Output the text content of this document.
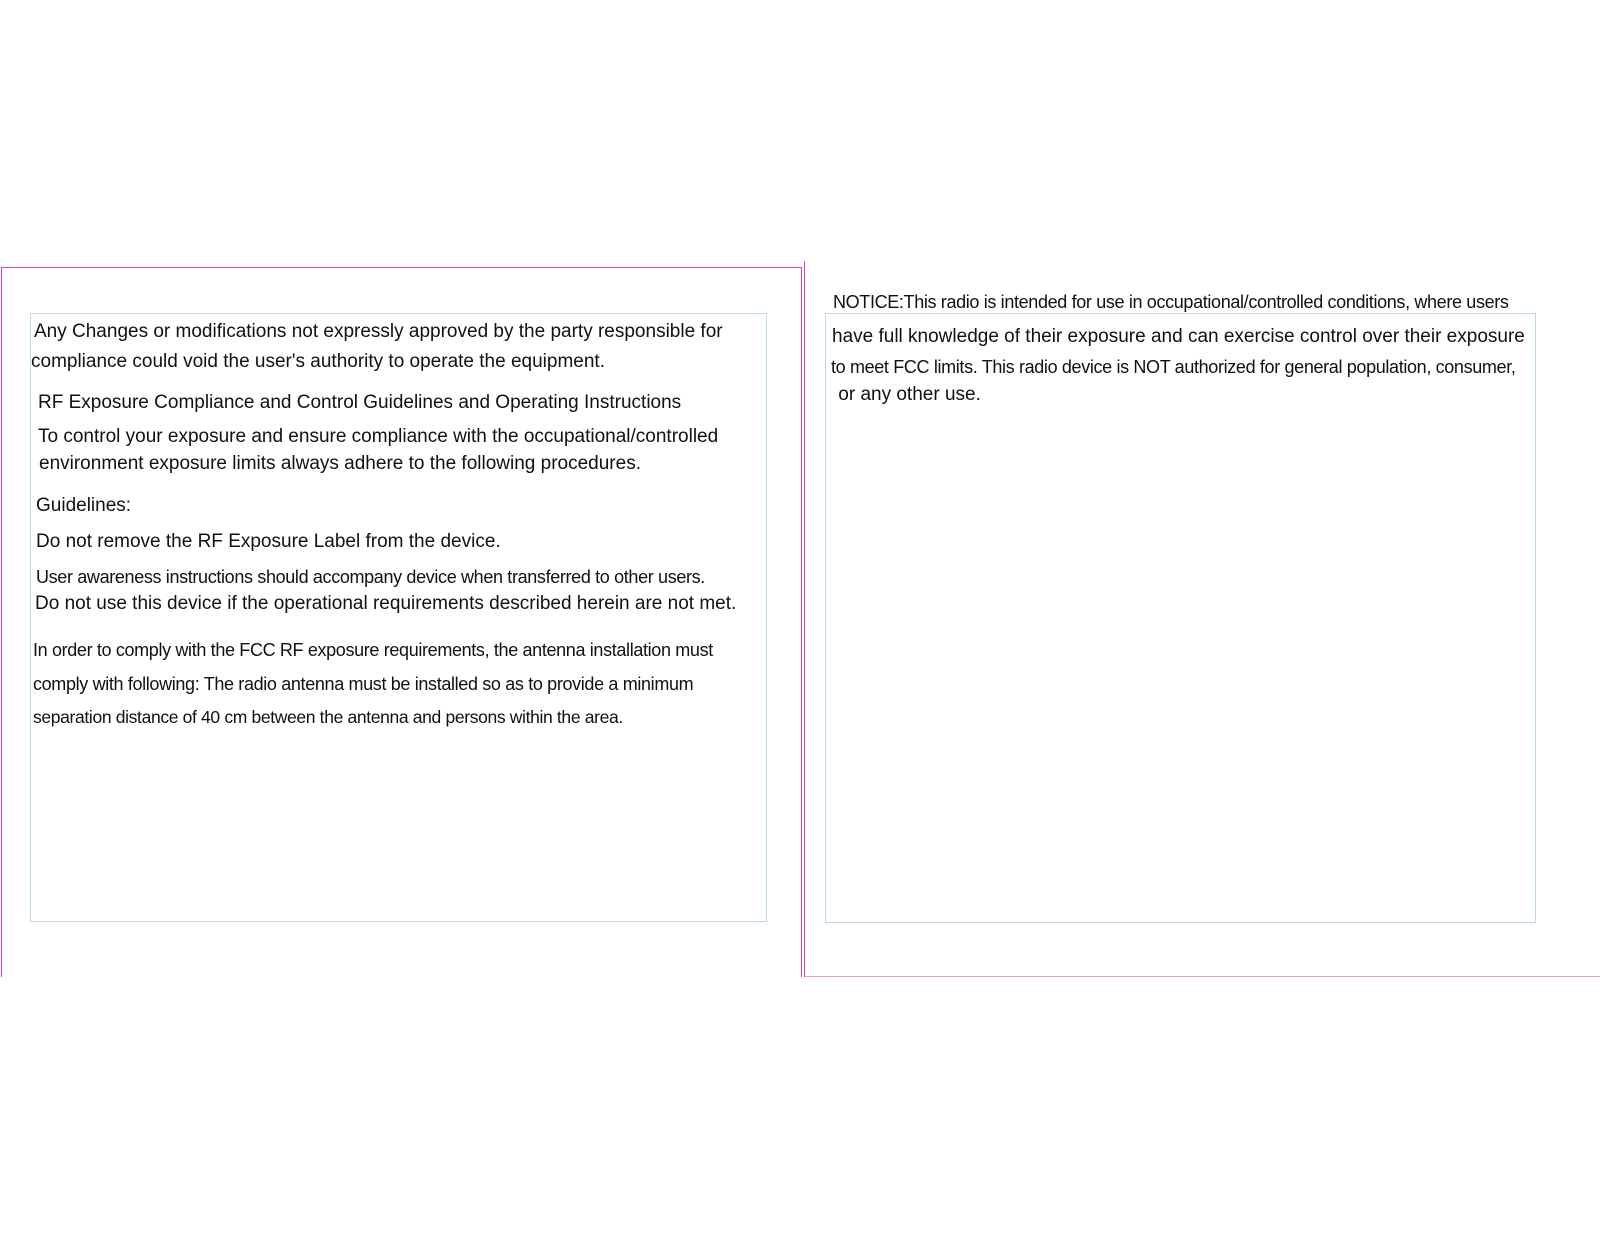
Any Changes or modifications not expressly approved by the party responsible for
compliance could void the user's authority to operate the equipment.
RF Exposure Compliance and Control Guidelines and Operating Instructions
To control your exposure and ensure compliance with the occupational/controlled
environment exposure limits always adhere to the following procedures.
Guidelines:
Do not remove the RF Exposure Label from the device.
User awareness instructions should accompany device when transferred to other users.
Do not use this device if the operational requirements described herein are not met.
In order to comply with the FCC RF exposure requirements, the antenna installation must
comply with following: The radio antenna must be installed so as to provide a minimum
separation distance of 40 cm between the antenna and persons within the area.
NOTICE:This radio is intended for use in occupational/controlled conditions, where users
have full knowledge of their exposure and can exercise control over their exposure
to meet FCC limits. This radio device is NOT authorized for general population, consumer,
or any other use.
